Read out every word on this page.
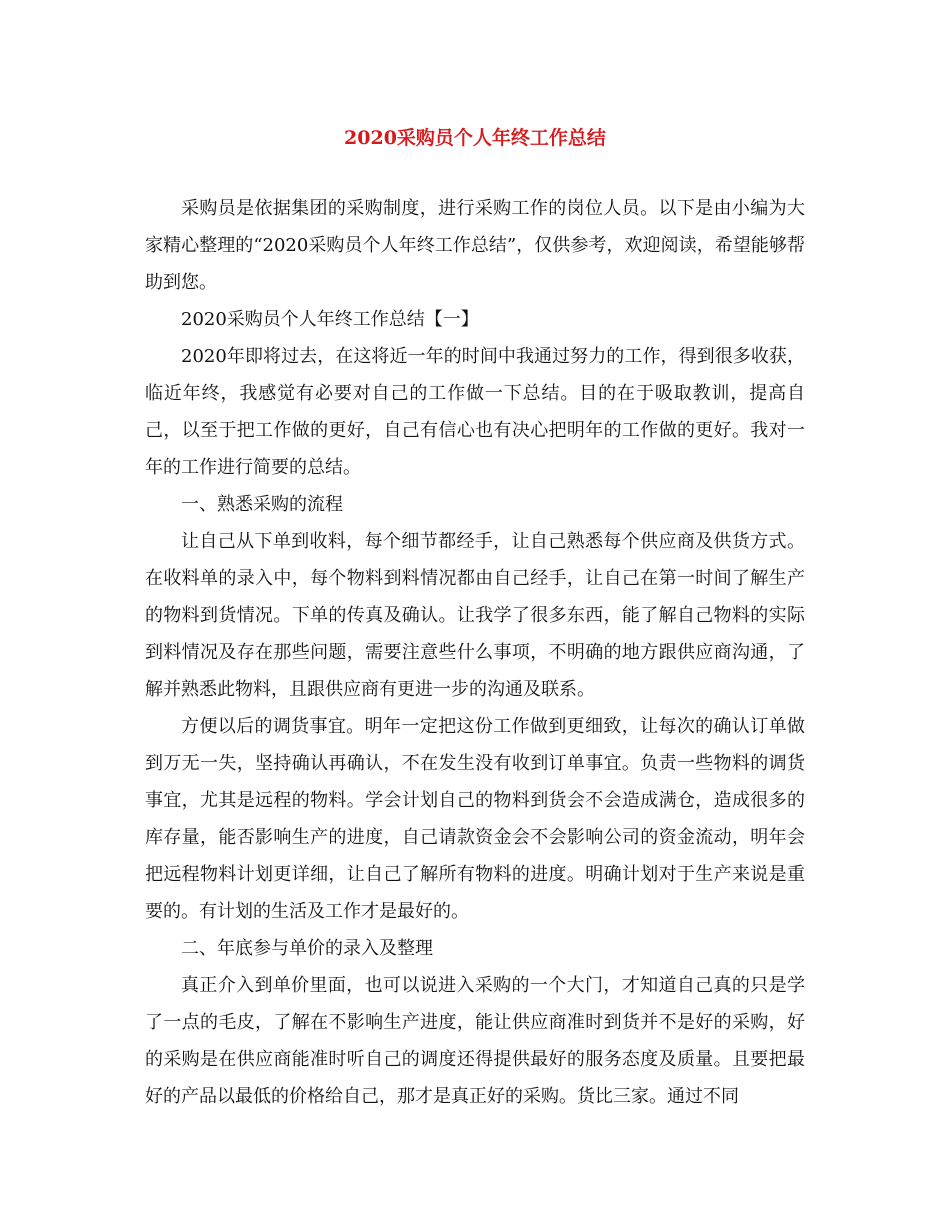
2020采购员个人年终工作总结

采购员是依据集团的采购制度，进行采购工作的岗位人员。以下是由小编为大家精心整理的“2020采购员个人年终工作总结”，仅供参考，欢迎阅读，希望能够帮助到您。

2020采购员个人年终工作总结【一】

2020年即将过去，在这将近一年的时间中我通过努力的工作，得到很多收获，临近年终，我感觉有必要对自己的工作做一下总结。目的在于吸取教训，提高自己，以至于把工作做的更好，自己有信心也有决心把明年的工作做的更好。我对一年的工作进行简要的总结。

一、熟悉采购的流程

让自己从下单到收料，每个细节都经手，让自己熟悉每个供应商及供货方式。在收料单的录入中，每个物料到料情况都由自己经手，让自己在第一时间了解生产的物料到货情况。下单的传真及确认。让我学了很多东西，能了解自己物料的实际到料情况及存在那些问题，需要注意些什么事项，不明确的地方跟供应商沟通，了解并熟悉此物料，且跟供应商有更进一步的沟通及联系。

方便以后的调货事宜。明年一定把这份工作做到更细致，让每次的确认订单做到万无一失，坚持确认再确认，不在发生没有收到订单事宜。负责一些物料的调货事宜，尤其是远程的物料。学会计划自己的物料到货会不会造成满仓，造成很多的库存量，能否影响生产的进度，自己请款资金会不会影响公司的资金流动，明年会把远程物料计划更详细，让自己了解所有物料的进度。明确计划对于生产来说是重要的。有计划的生活及工作才是最好的。

二、年底参与单价的录入及整理

真正介入到单价里面，也可以说进入采购的一个大门，才知道自己真的只是学了一点的毛皮，了解在不影响生产进度，能让供应商准时到货并不是好的采购，好的采购是在供应商能准时听自己的调度还得提供最好的服务态度及质量。且要把最好的产品以最低的价格给自己，那才是真正好的采购。货比三家。通过不同
